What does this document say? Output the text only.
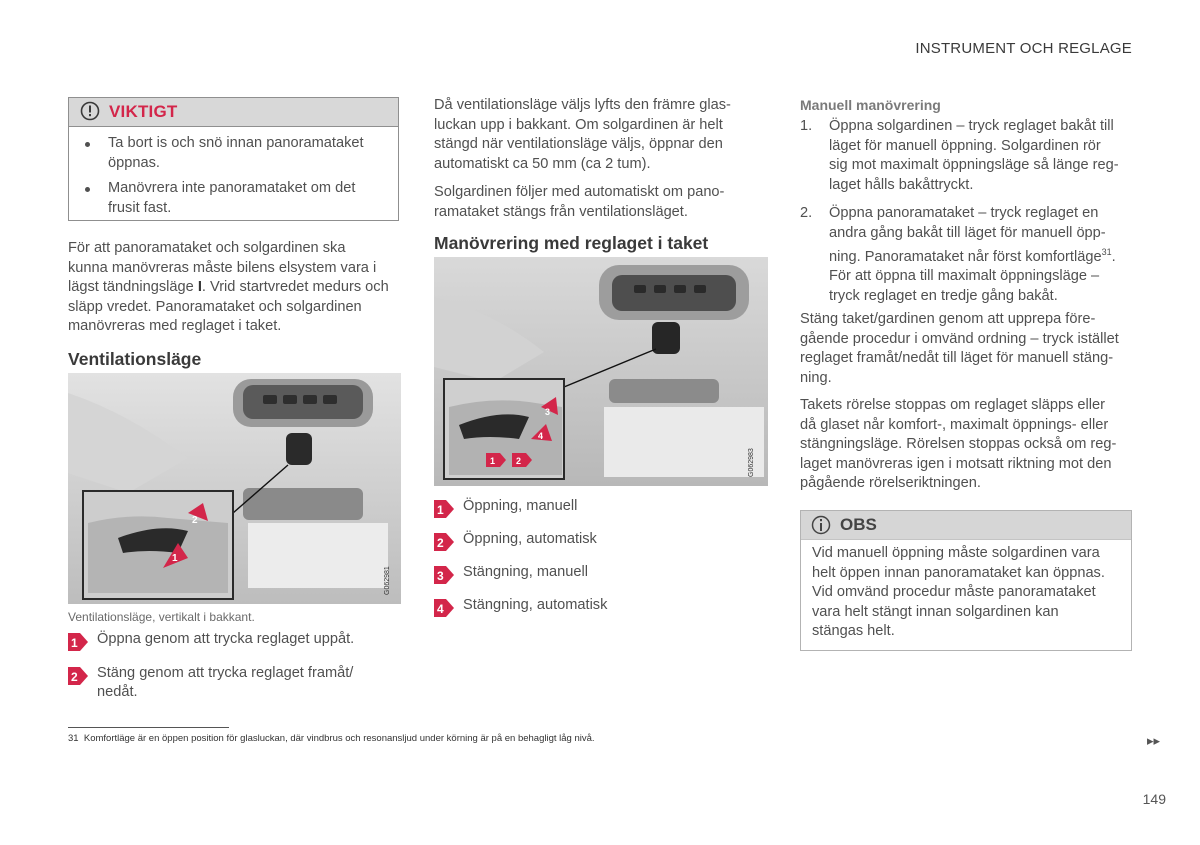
INSTRUMENT OCH REGLAGE
VIKTIGT
Ta bort is och snö innan panoramataket
öppnas.
Manövrera inte panoramataket om det
frusit fast.
För att panoramataket och solgardinen ska
kunna manövreras måste bilens elsystem vara i
lägst tändningsläge I. Vrid startvredet medurs och
släpp vredet. Panoramataket och solgardinen
manövreras med reglaget i taket.
Ventilationsläge
2
1
G062981
Ventilationsläge, vertikalt i bakkant.
1 Öppna genom att trycka reglaget uppåt.
2 Stäng genom att trycka reglaget framåt/
nedåt.
Då ventilationsläge väljs lyfts den främre glas-
luckan upp i bakkant. Om solgardinen är helt
stängd när ventilationsläge väljs, öppnar den
automatiskt ca 50 mm (ca 2 tum).
Solgardinen följer med automatiskt om pano-
ramataket stängs från ventilationsläget.
Manövrering med reglaget i taket
3
4
1 2	G062983
1 Öppning, manuell
2 Öppning, automatisk
3 Stängning, manuell
4 Stängning, automatisk
Manuell manövrering
1. Öppna solgardinen – tryck reglaget bakåt till
läget för manuell öppning. Solgardinen rör
sig mot maximalt öppningsläge så länge reg-
laget hålls bakåttryckt.
2. Öppna panoramataket – tryck reglaget en
andra gång bakåt till läget för manuell öpp-
ning. Panoramataket når först komfortläge$^{31}$.
För att öppna till maximalt öppningsläge –
tryck reglaget en tredje gång bakåt.
Stäng taket/gardinen genom att upprepa före-
gående procedur i omvänd ordning – tryck istället
reglaget framåt/nedåt till läget för manuell stäng-
ning.
Takets rörelse stoppas om reglaget släpps eller
då glaset når komfort-, maximalt öppnings- eller
stängningsläge. Rörelsen stoppas också om reg-
laget manövreras igen i motsatt riktning mot den
pågående rörelseriktningen.
OBS
Vid manuell öppning måste solgardinen vara
helt öppen innan panoramataket kan öppnas.
Vid omvänd procedur måste panoramataket
vara helt stängt innan solgardinen kan
stängas helt.
31 Komfortläge är en öppen position för glasluckan, där vindbrus och resonansljud under körning är på en behagligt låg nivå.	▸▸
149
